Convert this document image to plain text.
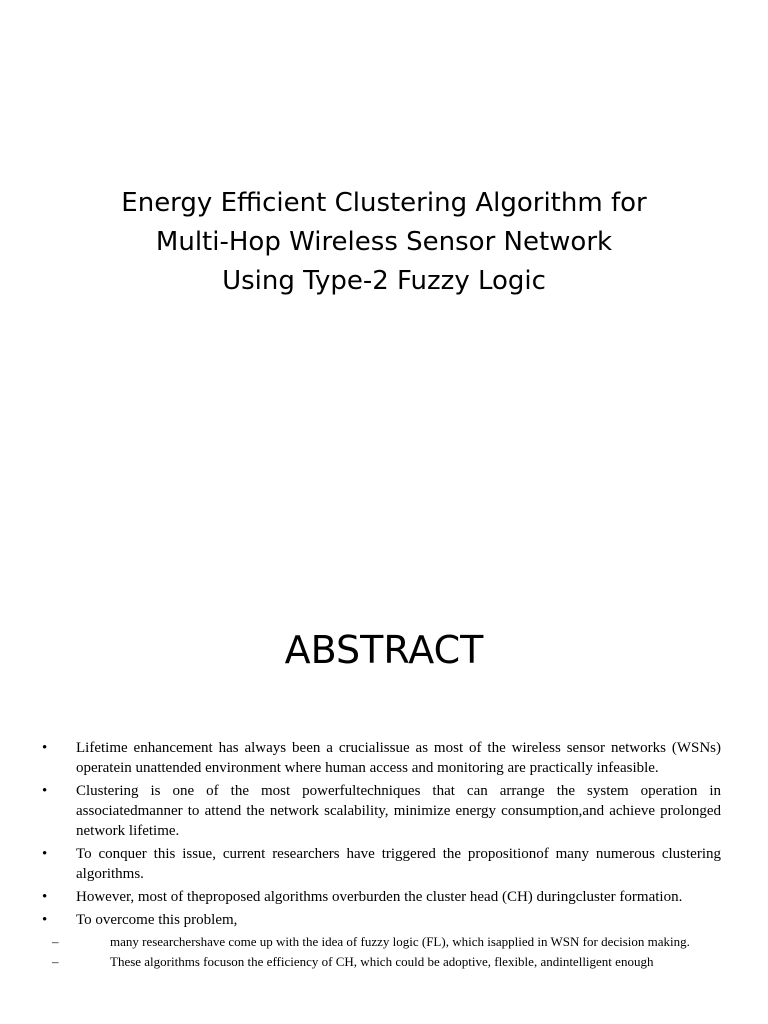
Energy Efficient Clustering Algorithm for
Multi-Hop Wireless Sensor Network
Using Type-2 Fuzzy Logic
ABSTRACT
• Lifetime enhancement has always been a crucialissue as most of the wireless sensor networks (WSNs) operatein unattended environment where human access and monitoring are practically infeasible.
• Clustering is one of the most powerfultechniques that can arrange the system operation in associatedmanner to attend the network scalability, minimize energy consumption,and achieve prolonged network lifetime.
• To conquer this issue, current researchers have triggered the propositionof many numerous clustering algorithms.
• However, most of theproposed algorithms overburden the cluster head (CH) duringcluster formation.
• To overcome this problem,
–	many researchershave come up with the idea of fuzzy logic (FL), which isapplied in WSN for decision making.
–	These algorithms focuson the efficiency of CH, which could be adoptive, flexible, andintelligent enough
